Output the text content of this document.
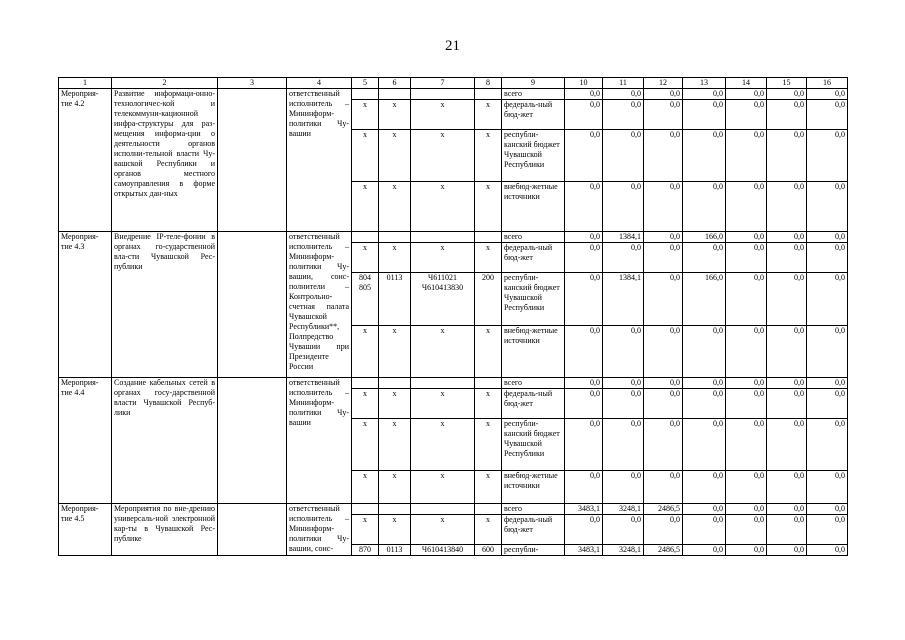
21
1	2	3	4	5	6	7	8	9	10	11	12	13	14	15	16
Мероприя-тие 4.2	Развитие информаци-онно-технологичес-кой и телекоммуни-кационной инфра-структуры для раз-мещения информа-ции о деятельности органов исполни-тельной власти Чу-вашской Республики и органов местного самоуправления в форме открытых дан-ных		ответственный исполнитель – Мининформ-политики Чу-вашии					всего	0,0	0,0	0,0	0,0	0,0	0,0	0,0
				x	x	x	x	федераль-ный бюд-жет	0,0	0,0	0,0	0,0	0,0	0,0	0,0
				x	x	x	x	республи-канский бюджет Чувашской Республики	0,0	0,0	0,0	0,0	0,0	0,0	0,0
				x	x	x	x	внебюд-жетные источники	0,0	0,0	0,0	0,0	0,0	0,0	0,0
Мероприя-тие 4.3	Внедрение IP-теле-фонии в органах го-сударственной вла-сти Чувашской Рес-публики		ответственный исполнитель – Мининформ-политики Чу-вашии, соис-полнители – Контрольно-счетная палата Чувашской Республики**, Полпредство Чувашии при Президенте России					всего	0,0	1384,1	0,0	166,0	0,0	0,0	0,0
				x	x	x	x	федераль-ный бюд-жет	0,0	0,0	0,0	0,0	0,0	0,0	0,0
				804 805	0113	Ч611021 Ч610413830	200	республи-канский бюджет Чувашской Республики	0,0	1384,1	0,0	166,0	0,0	0,0	0,0
				x	x	x	x	внебюд-жетные источники	0,0	0,0	0,0	0,0	0,0	0,0	0,0
Мероприя-тие 4.4	Создание кабельных сетей в органах госу-дарственной власти Чувашской Респуб-лики		ответственный исполнитель – Мининформ-политики Чу-вашии					всего	0,0	0,0	0,0	0,0	0,0	0,0	0,0
				x	x	x	x	федераль-ный бюд-жет	0,0	0,0	0,0	0,0	0,0	0,0	0,0
				x	x	x	x	республи-канский бюджет Чувашской Республики	0,0	0,0	0,0	0,0	0,0	0,0	0,0
				x	x	x	x	внебюд-жетные источники	0,0	0,0	0,0	0,0	0,0	0,0	0,0
Мероприя-тие 4.5	Мероприятия по вне-дрению универсаль-ной электронной кар-ты в Чувашской Рес-публике		ответственный исполнитель – Мининформ-политики Чу-вашии, соис-					всего	3483,1	3248,1	2486,5	0,0	0,0	0,0	0,0
				x	x	x	x	федераль-ный бюд-жет	0,0	0,0	0,0	0,0	0,0	0,0	0,0
				870	0113	Ч610413840	600	республи-	3483,1	3248,1	2486,5	0,0	0,0	0,0	0,0
